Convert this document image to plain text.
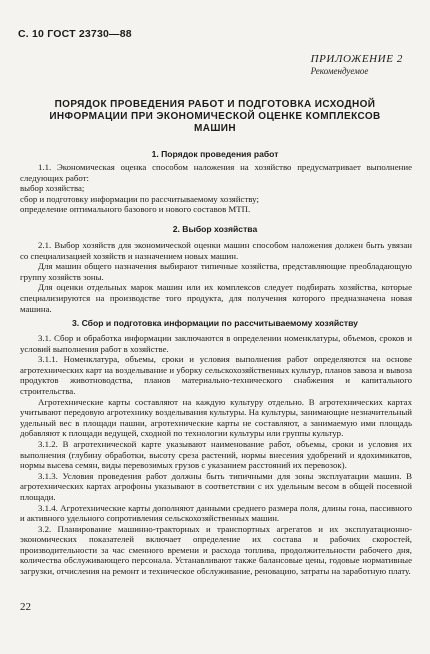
С. 10 ГОСТ 23730—88
ПРИЛОЖЕНИЕ 2
Рекомендуемое
ПОРЯДОК ПРОВЕДЕНИЯ РАБОТ И ПОДГОТОВКА ИСХОДНОЙ ИНФОРМАЦИИ ПРИ ЭКОНОМИЧЕСКОЙ ОЦЕНКЕ КОМПЛЕКСОВ МАШИН
1. Порядок проведения работ

1.1. Экономическая оценка способом наложения на хозяйство предусматривает выполнение следующих работ:

выбор хозяйства;

сбор и подготовку информации по рассчитываемому хозяйству;

определение оптимального базового и нового составов МТП.

2. Выбор хозяйства

2.1. Выбор хозяйств для экономической оценки машин способом наложения должен быть увязан со специализацией хозяйств и назначением новых машин.

Для машин общего назначения выбирают типичные хозяйства, представляющие преобладающую группу хозяйств зоны.

Для оценки отдельных марок машин или их комплексов следует подбирать хозяйства, которые специализируются на производстве того продукта, для получения которого предназначена новая машина.

3. Сбор и подготовка информации по рассчитываемому хозяйству

3.1. Сбор и обработка информации заключаются в определении номенклатуры, объемов, сроков и условий выполнения работ в хозяйстве.

3.1.1. Номенклатура, объемы, сроки и условия выполнения работ определяются на основе агротехнических карт на возделывание и уборку сельскохозяйственных культур, планов завоза и вывоза продуктов животноводства, планов материально-технического снабжения и капитального строительства.

Агротехнические карты составляют на каждую культуру отдельно. В агротехнических картах учитывают передовую агротехнику возделывания культуры. На культуры, занимающие незначительный удельный вес в площади пашни, агротехнические карты не составляют, а занимаемую ими площадь добавляют к площади ведущей, сходной по технологии культуры или группы культур.

3.1.2. В агротехнической карте указывают наименование работ, объемы, сроки и условия их выполнения (глубину обработки, высоту среза растений, нормы внесения удобрений и ядохимикатов, нормы высева семян, виды перевозимых грузов с указанием расстояний их перевозок).

3.1.3. Условия проведения работ должны быть типичными для зоны эксплуатации машин. В агротехнических картах агрофоны указывают в соответствии с их удельным весом в общей посевной площади.

3.1.4. Агротехнические карты дополняют данными среднего размера поля, длины гона, пассивного и активного удельного сопротивления сельскохозяйственных машин.

3.2. Планирование машинно-тракторных и транспортных агрегатов и их эксплуатационно-экономических показателей включает определение их состава и рабочих скоростей, производительности за час сменного времени и расхода топлива, продолжительности рабочего дня, количества обслуживающего персонала. Устанавливают также балансовые цены, годовые нормативные загрузки, отчисления на ремонт и техническое обслуживание, реновацию, затраты на заработную плату.

22
